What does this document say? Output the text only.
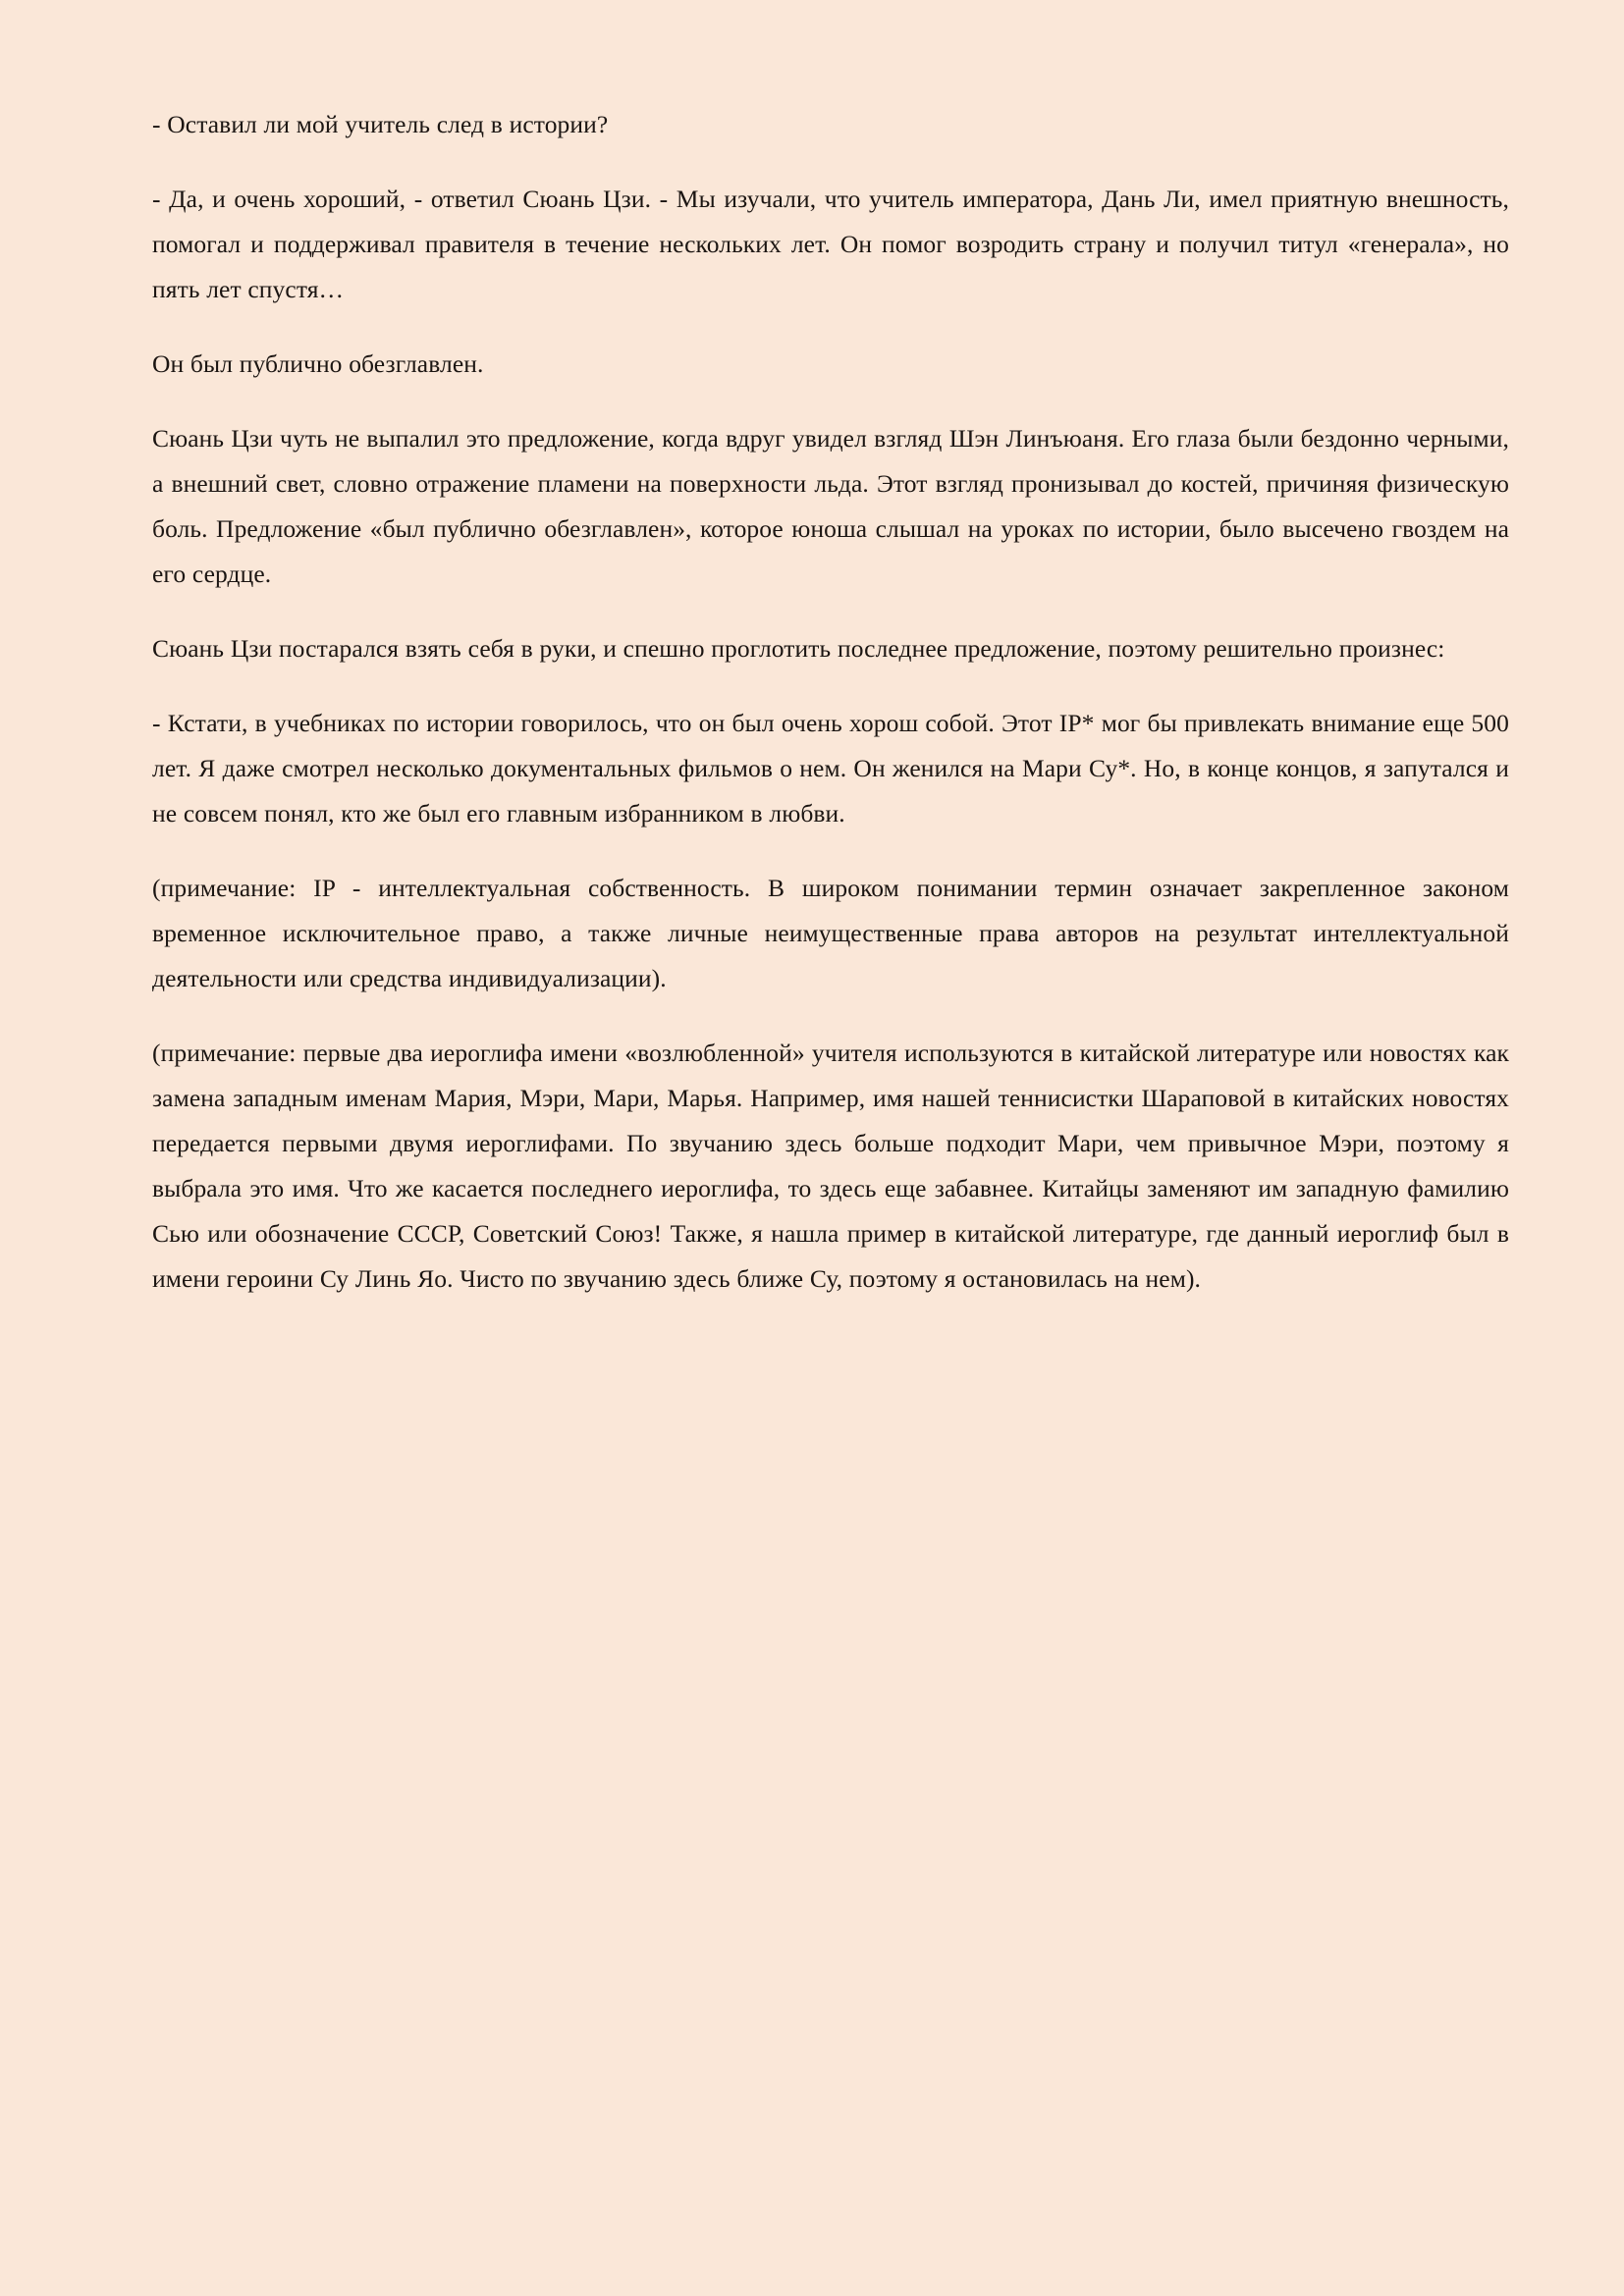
- Оставил ли мой учитель след в истории?

- Да, и очень хороший, - ответил Сюань Цзи. - Мы изучали, что учитель императора, Дань Ли, имел приятную внешность, помогал и поддерживал правителя в течение нескольких лет. Он помог возродить страну и получил титул «генерала», но пять лет спустя…

Он был публично обезглавлен.

Сюань Цзи чуть не выпалил это предложение, когда вдруг увидел взгляд Шэн Линъюаня. Его глаза были бездонно черными, а внешний свет, словно отражение пламени на поверхности льда. Этот взгляд пронизывал до костей, причиняя физическую боль. Предложение «был публично обезглавлен», которое юноша слышал на уроках по истории, было высечено гвоздем на его сердце.

Сюань Цзи постарался взять себя в руки, и спешно проглотить последнее предложение, поэтому решительно произнес:

- Кстати, в учебниках по истории говорилось, что он был очень хорош собой. Этот IP* мог бы привлекать внимание еще 500 лет. Я даже смотрел несколько документальных фильмов о нем. Он женился на Мари Су*. Но, в конце концов, я запутался и не совсем понял, кто же был его главным избранником в любви.

(примечание: IP - интеллектуальная собственность. В широком понимании термин означает закрепленное законом временное исключительное право, а также личные неимущественные права авторов на результат интеллектуальной деятельности или средства индивидуализации).

(примечание: первые два иероглифа имени «возлюбленной» учителя используются в китайской литературе или новостях как замена западным именам Мария, Мэри, Мари, Марья. Например, имя нашей теннисистки Шараповой в китайских новостях передается первыми двумя иероглифами. По звучанию здесь больше подходит Мари, чем привычное Мэри, поэтому я выбрала это имя. Что же касается последнего иероглифа, то здесь еще забавнее. Китайцы заменяют им западную фамилию Сью или обозначение СССР, Советский Союз! Также, я нашла пример в китайской литературе, где данный иероглиф был в имени героини Су Линь Яо. Чисто по звучанию здесь ближе Су, поэтому я остановилась на нем).
